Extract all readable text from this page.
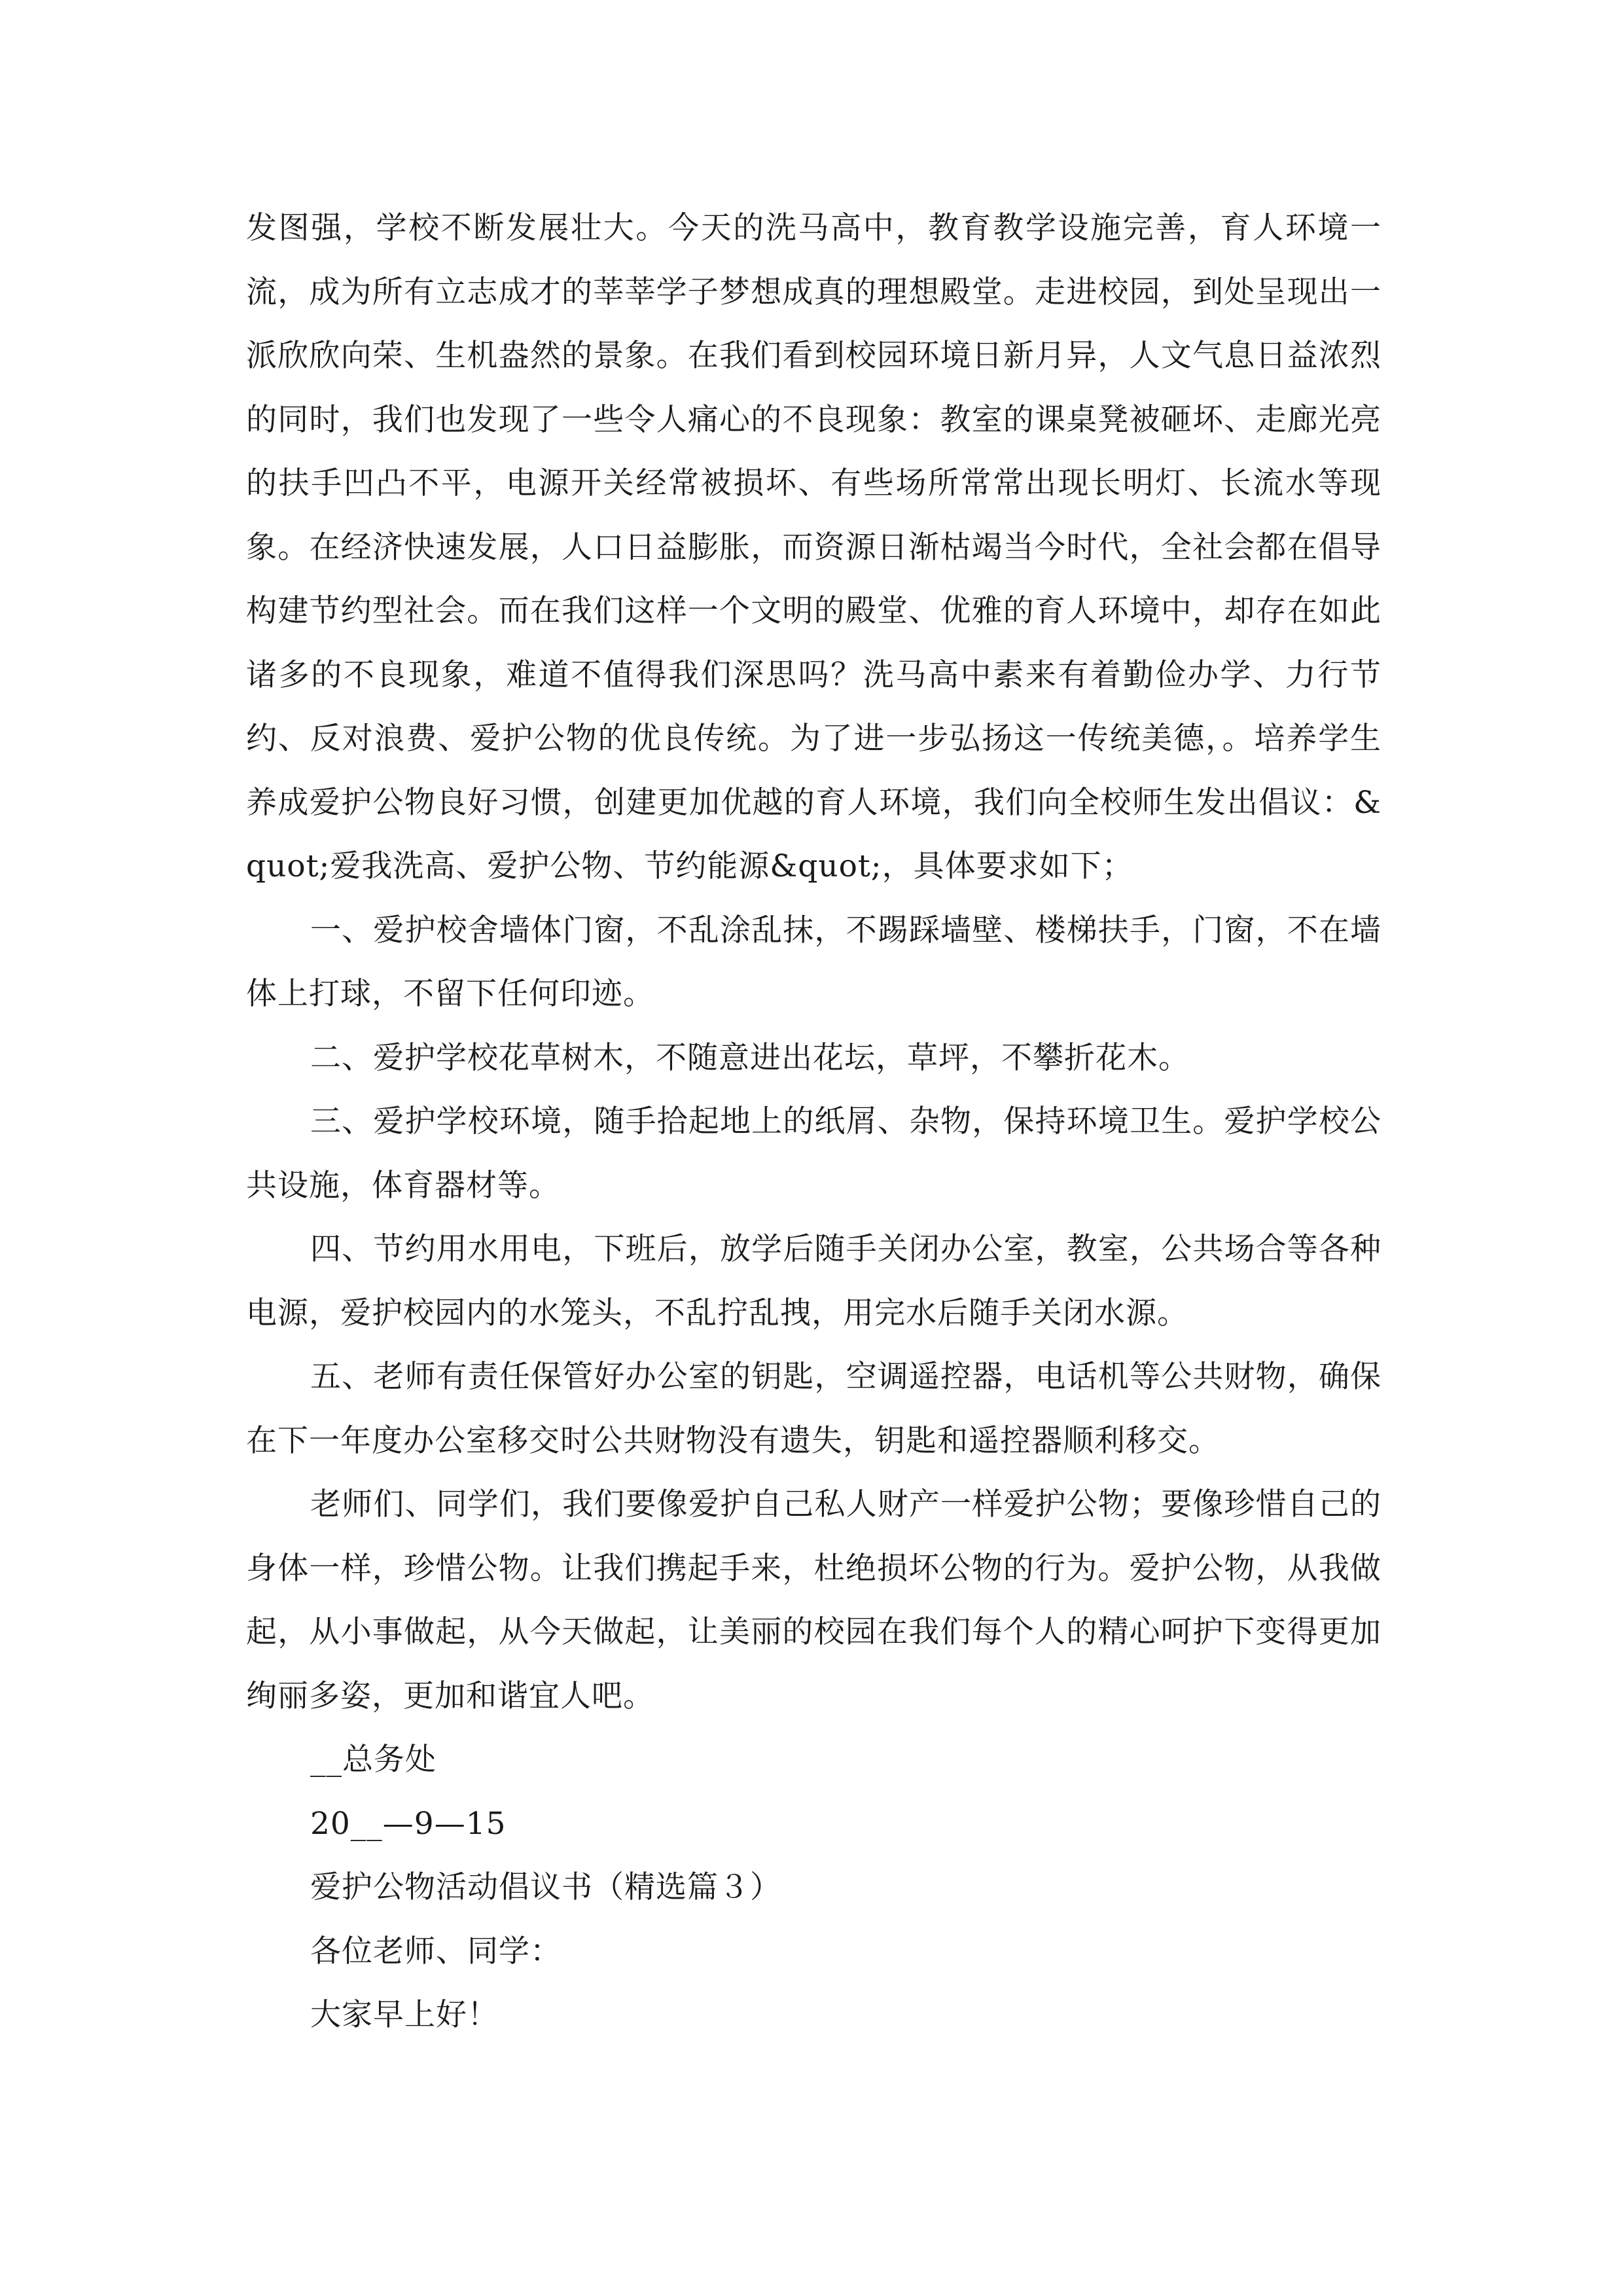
发图强，学校不断发展壮大。今天的洗马高中，教育教学设施完善，育人环境一流，成为所有立志成才的莘莘学子梦想成真的理想殿堂。走进校园，到处呈现出一派欣欣向荣、生机盎然的景象。在我们看到校园环境日新月异，人文气息日益浓烈的同时，我们也发现了一些令人痛心的不良现象：教室的课桌凳被砸坏、走廊光亮的扶手凹凸不平，电源开关经常被损坏、有些场所常常出现长明灯、长流水等现象。在经济快速发展，人口日益膨胀，而资源日渐枯竭当今时代，全社会都在倡导构建节约型社会。而在我们这样一个文明的殿堂、优雅的育人环境中，却存在如此诸多的不良现象，难道不值得我们深思吗？洗马高中素来有着勤俭办学、力行节约、反对浪费、爱护公物的优良传统。为了进一步弘扬这一传统美德，。培养学生养成爱护公物良好习惯，创建更加优越的育人环境，我们向全校师生发出倡议：&quot;爱我洗高、爱护公物、节约能源&quot;，具体要求如下；

一、爱护校舍墙体门窗，不乱涂乱抹，不踢踩墙壁、楼梯扶手，门窗，不在墙体上打球，不留下任何印迹。

二、爱护学校花草树木，不随意进出花坛，草坪，不攀折花木。

三、爱护学校环境，随手拾起地上的纸屑、杂物，保持环境卫生。爱护学校公共设施，体育器材等。

四、节约用水用电，下班后，放学后随手关闭办公室，教室，公共场合等各种电源，爱护校园内的水笼头，不乱拧乱拽，用完水后随手关闭水源。

五、老师有责任保管好办公室的钥匙，空调遥控器，电话机等公共财物，确保在下一年度办公室移交时公共财物没有遗失，钥匙和遥控器顺利移交。

老师们、同学们，我们要像爱护自己私人财产一样爱护公物；要像珍惜自己的身体一样，珍惜公物。让我们携起手来，杜绝损坏公物的行为。爱护公物，从我做起，从小事做起，从今天做起，让美丽的校园在我们每个人的精心呵护下变得更加绚丽多姿，更加和谐宜人吧。

__总务处

20__—9—15

爱护公物活动倡议书（精选篇３）

各位老师、同学：

大家早上好！
